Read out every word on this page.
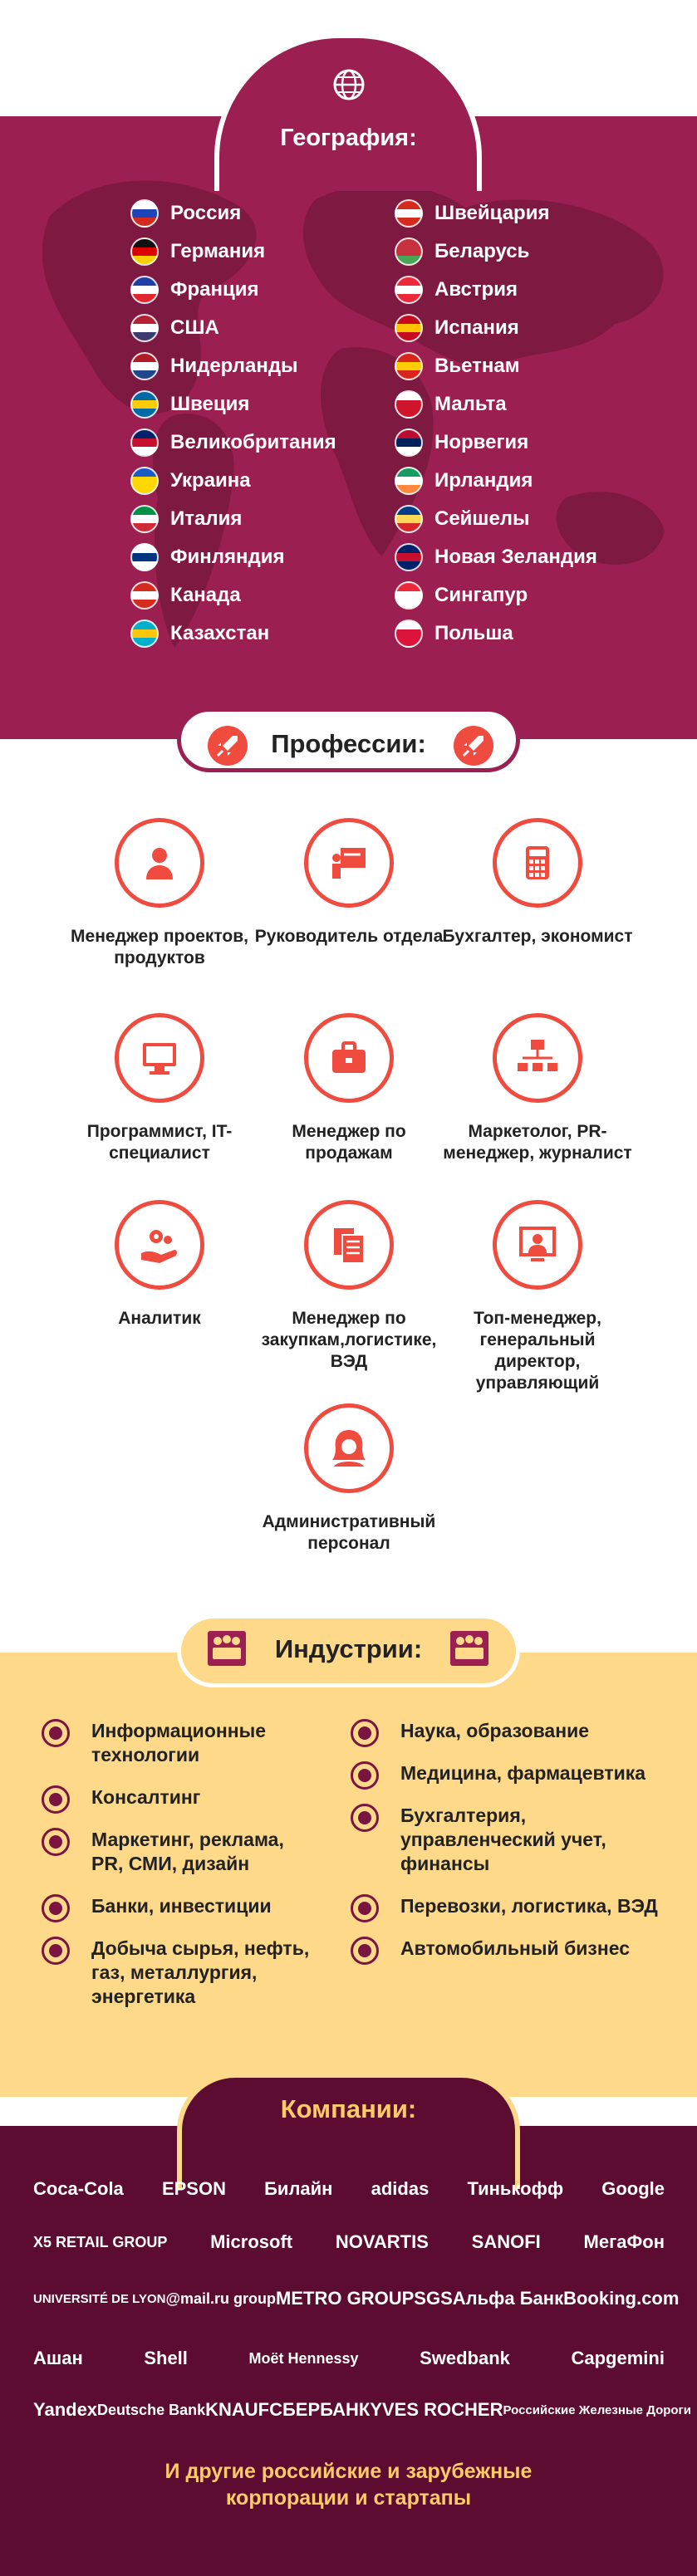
География:
Россия
Германия
Франция
США
Нидерланды
Швеция
Великобритания
Украина
Италия
Финляндия
Канада
Казахстан
Швейцария
Беларусь
Австрия
Испания
Вьетнам
Мальта
Норвегия
Ирландия
Сейшелы
Новая Зеландия
Сингапур
Польша
Профессии:
Менеджер проектов, продуктов
Руководитель отдела Бухгалтер, экономист
Программист, IT-специалист
Менеджер по продажам
Маркетолог, PR-менеджер, журналист
Аналитик	Менеджер по закупкам,логистике, ВЭД
Топ-менеджер, генеральный директор, управляющий
Административный персонал
Индустрии:
Информационные технологии
Консалтинг
Маркетинг, реклама, PR, СМИ, дизайн
Банки, инвестиции
Добыча сырья, нефть, газ, металлургия, энергетика
Наука, образование
Медицина, фармацевтика
Бухгалтерия, управленческий учет, финансы
Перевозки, логистика, ВЭД
Автомобильный бизнес
Компании:
Coca-Cola EPSON Билайн adidas Тинькофф Google
X5 RETAIL GROUP Microsoft NOVARTIS SANOFI МегаФон
UNIVERSITÉ DE LYON @mail.ru group METRO GROUP SGS Альфа Банк Booking.com
Ашан	Shell	Moët Hennessy	Swedbank	Capgemini
Yandex Deutsche Bank KNAUF СБЕРБАНК YVES ROCHER Российские Железные Дороги
И другие российские и зарубежные корпорации и стартапы
